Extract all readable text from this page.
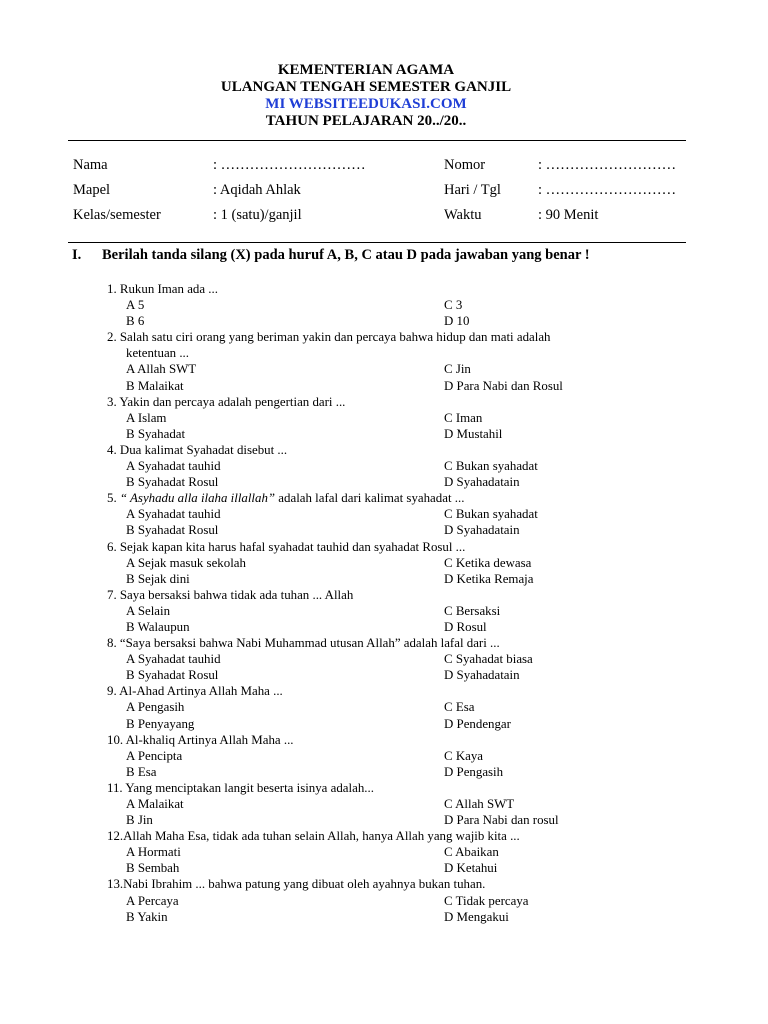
KEMENTERIAN AGAMA
ULANGAN TENGAH SEMESTER GANJIL
MI WEBSITEEDUKASI.COM
TAHUN PELAJARAN 20../20..
Nama	: …………………………	Nomor	: ………………………
Mapel	: Aqidah Ahlak	Hari / Tgl	: ………………………
Kelas/semester	: 1 (satu)/ganjil	Waktu	: 90 Menit
I. Berilah tanda silang (X) pada huruf A, B, C atau D pada jawaban yang benar !
1. Rukun Iman ada ...
A 5	C 3
B 6	D 10
2. Salah satu ciri orang yang beriman yakin dan percaya bahwa hidup dan mati adalah
ketentuan ...
A Allah SWT	C Jin
B Malaikat	D Para Nabi dan Rosul
3. Yakin dan percaya adalah pengertian dari ...
A Islam	C Iman
B Syahadat	D Mustahil
4. Dua kalimat Syahadat disebut ...
A Syahadat tauhid	C Bukan syahadat
B Syahadat Rosul	D Syahadatain
5. “ Asyhadu alla ilaha illallah” adalah lafal dari kalimat syahadat ...
A Syahadat tauhid	C Bukan syahadat
B Syahadat Rosul	D Syahadatain
6. Sejak kapan kita harus hafal syahadat tauhid dan syahadat Rosul ...
A Sejak masuk sekolah	C Ketika dewasa
B Sejak dini	D Ketika Remaja
7. Saya bersaksi bahwa tidak ada tuhan ... Allah
A Selain	C Bersaksi
B Walaupun	D Rosul
8. “Saya bersaksi bahwa Nabi Muhammad utusan Allah” adalah lafal dari ...
A Syahadat tauhid	C Syahadat biasa
B Syahadat Rosul	D Syahadatain
9. Al-Ahad Artinya Allah Maha ...
A Pengasih	C Esa
B Penyayang	D Pendengar
10. Al-khaliq Artinya Allah Maha ...
A Pencipta	C Kaya
B Esa	D Pengasih
11. Yang menciptakan langit beserta isinya adalah...
A Malaikat	C Allah SWT
B Jin	D Para Nabi dan rosul
12.Allah Maha Esa, tidak ada tuhan selain Allah, hanya Allah yang wajib kita ...
A Hormati	C Abaikan
B Sembah	D Ketahui
13.Nabi Ibrahim ... bahwa patung yang dibuat oleh ayahnya bukan tuhan.
A Percaya	C Tidak percaya
B Yakin	D Mengakui
